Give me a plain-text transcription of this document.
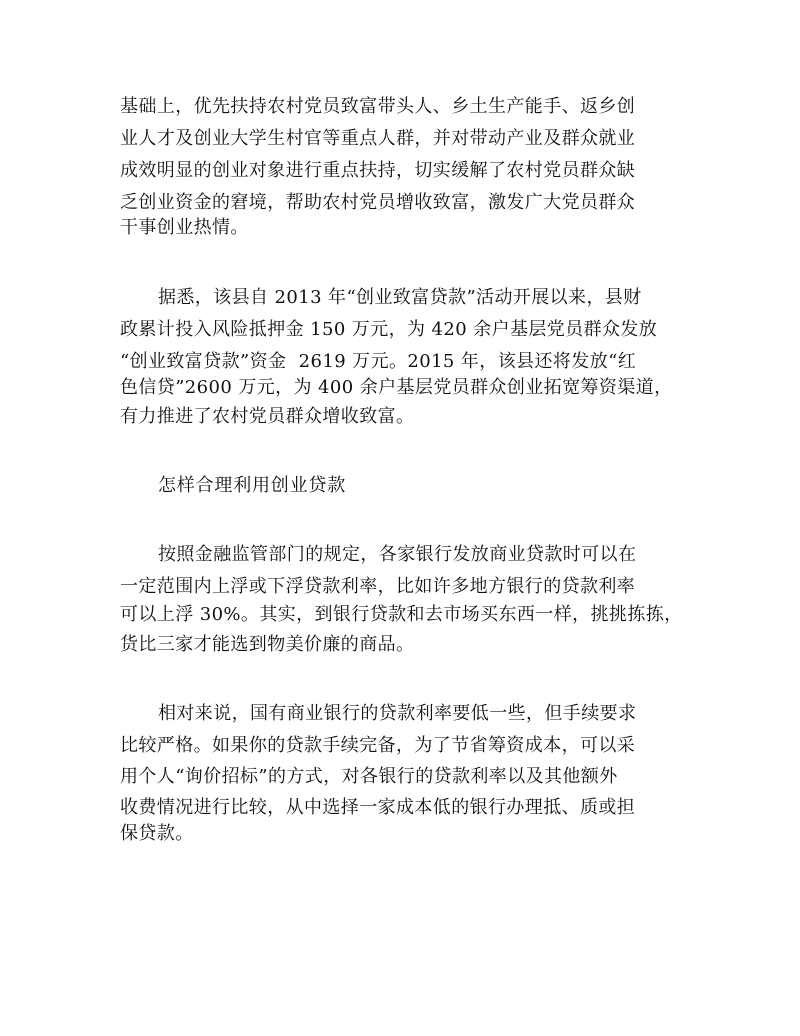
基础上，优先扶持农村党员致富带头人、乡土生产能手、返乡创
业人才及创业大学生村官等重点人群，并对带动产业及群众就业
成效明显的创业对象进行重点扶持，切实缓解了农村党员群众缺
乏创业资金的窘境，帮助农村党员增收致富，激发广大党员群众
干事创业热情。
据悉，该县自 2013 年“创业致富贷款”活动开展以来，县财
政累计投入风险抵押金 150 万元，为 420 余户基层党员群众发放
“创业致富贷款”资金  2619 万元。2015 年，该县还将发放“红
色信贷”2600 万元，为 400 余户基层党员群众创业拓宽筹资渠道，
有力推进了农村党员群众增收致富。
怎样合理利用创业贷款
按照金融监管部门的规定，各家银行发放商业贷款时可以在
一定范围内上浮或下浮贷款利率，比如许多地方银行的贷款利率
可以上浮 30%。其实，到银行贷款和去市场买东西一样，挑挑拣拣，
货比三家才能选到物美价廉的商品。
相对来说，国有商业银行的贷款利率要低一些，但手续要求
比较严格。如果你的贷款手续完备，为了节省筹资成本，可以采
用个人“询价招标”的方式，对各银行的贷款利率以及其他额外
收费情况进行比较，从中选择一家成本低的银行办理抵、质或担
保贷款。
